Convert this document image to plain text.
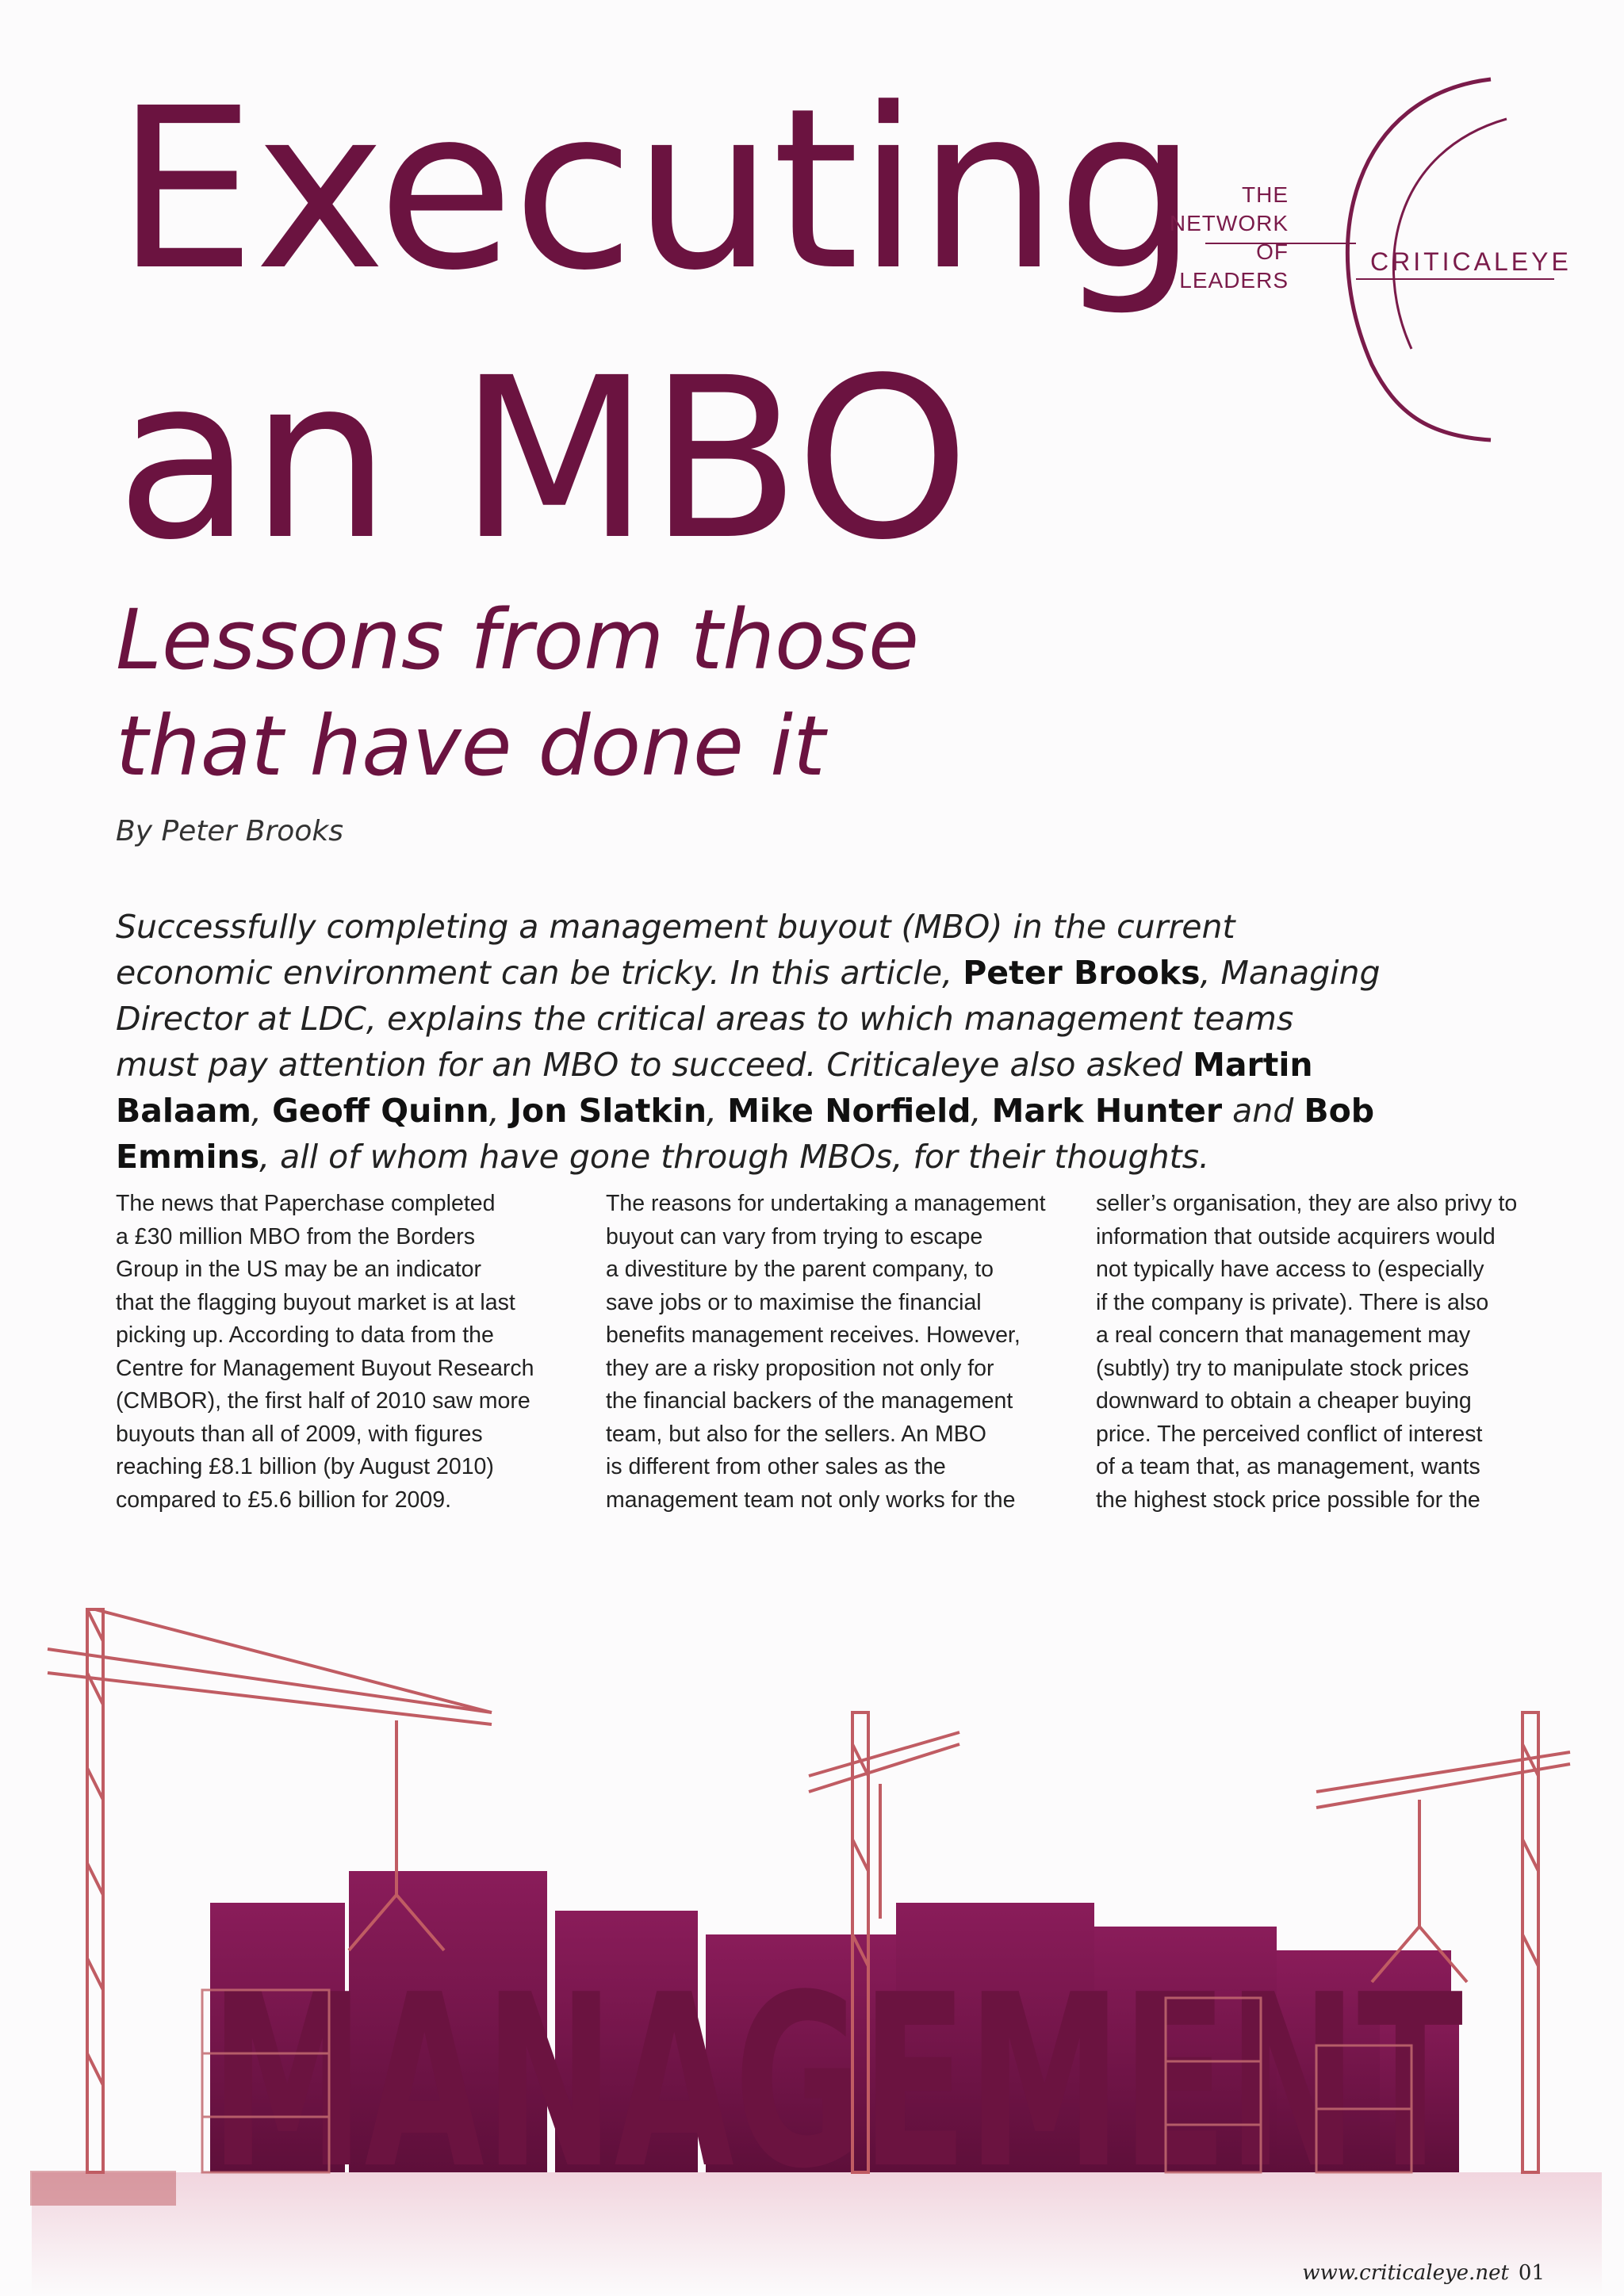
Executing
an MBO
Lessons from those
that have done it
By Peter Brooks

Successfully completing a management buyout (MBO) in the current economic environment can be tricky. In this article, Peter Brooks, Managing Director at LDC, explains the critical areas to which management teams must pay attention for an MBO to succeed. Criticaleye also asked Martin Balaam, Geoff Quinn, Jon Slatkin, Mike Norfield, Mark Hunter and Bob Emmins, all of whom have gone through MBOs, for their thoughts.

The news that Paperchase completed
a £30 million MBO from the Borders
Group in the US may be an indicator
that the flagging buyout market is at last
picking up. According to data from the
Centre for Management Buyout Research
(CMBOR), the first half of 2010 saw more
buyouts than all of 2009, with figures
reaching £8.1 billion (by August 2010)
compared to £5.6 billion for 2009.

The reasons for undertaking a management
buyout can vary from trying to escape
a divestiture by the parent company, to
save jobs or to maximise the financial
benefits management receives. However,
they are a risky proposition not only for
the financial backers of the management
team, but also for the sellers. An MBO
is different from other sales as the
management team not only works for the

seller’s organisation, they are also privy to
information that outside acquirers would
not typically have access to (especially
if the company is private). There is also
a real concern that management may
(subtly) try to manipulate stock prices
downward to obtain a cheaper buying
price. The perceived conflict of interest
of a team that, as management, wants
the highest stock price possible for the

THE NETWORK
OF LEADERS
CRITICALEYE
MANAGEMENT
www.criticaleye.net 01
